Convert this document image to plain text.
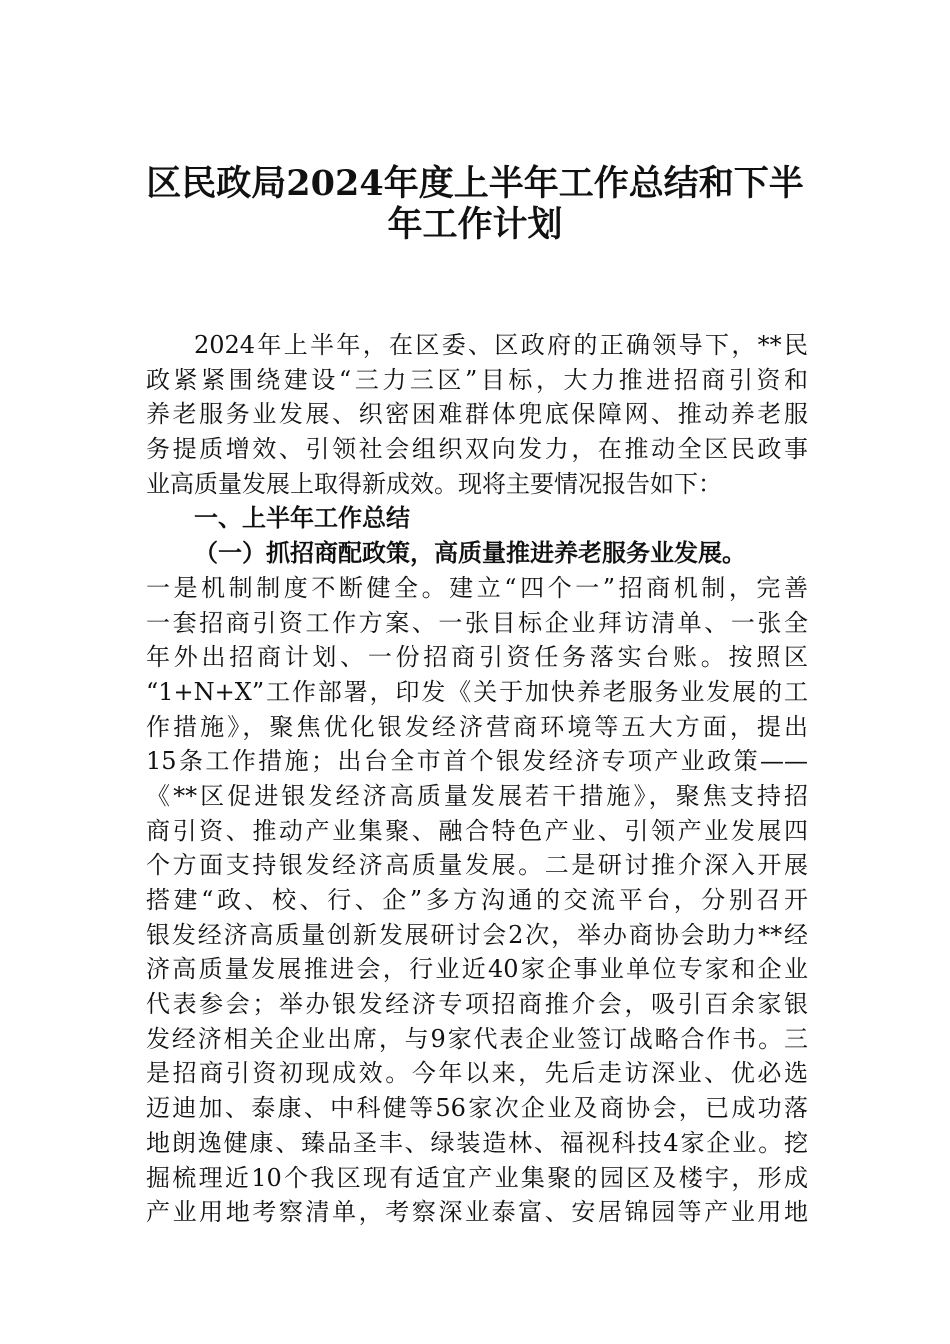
区民政局2024年度上半年工作总结和下半
年工作计划
2024年上半年，在区委、区政府的正确领导下，**民
政紧紧围绕建设“三力三区”目标，大力推进招商引资和
养老服务业发展、织密困难群体兜底保障网、推动养老服
务提质增效、引领社会组织双向发力，在推动全区民政事
业高质量发展上取得新成效。现将主要情况报告如下：
一、上半年工作总结
（一）抓招商配政策，高质量推进养老服务业发展。
一是机制制度不断健全。建立“四个一”招商机制，完善
一套招商引资工作方案、一张目标企业拜访清单、一张全
年外出招商计划、一份招商引资任务落实台账。按照区
“1+N+X”工作部署，印发《关于加快养老服务业发展的工
作措施》，聚焦优化银发经济营商环境等五大方面，提出
15条工作措施；出台全市首个银发经济专项产业政策——
《**区促进银发经济高质量发展若干措施》，聚焦支持招
商引资、推动产业集聚、融合特色产业、引领产业发展四
个方面支持银发经济高质量发展。二是研讨推介深入开展
搭建“政、校、行、企”多方沟通的交流平台，分别召开
银发经济高质量创新发展研讨会2次，举办商协会助力**经
济高质量发展推进会，行业近40家企事业单位专家和企业
代表参会；举办银发经济专项招商推介会，吸引百余家银
发经济相关企业出席，与9家代表企业签订战略合作书。三
是招商引资初现成效。今年以来，先后走访深业、优必选
迈迪加、泰康、中科健等56家次企业及商协会，已成功落
地朗逸健康、臻品圣丰、绿装造林、福视科技4家企业。挖
掘梳理近10个我区现有适宜产业集聚的园区及楼宇，形成
产业用地考察清单，考察深业泰富、安居锦园等产业用地
